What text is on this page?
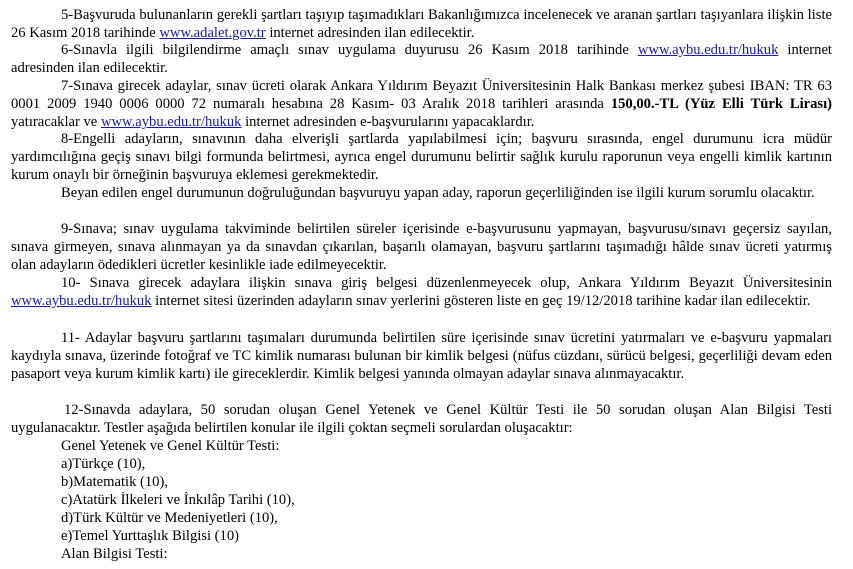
5-Başvuruda bulunanların gerekli şartları taşıyıp taşımadıkları Bakanlığımızca incelenecek ve aranan şartları taşıyanlara ilişkin liste 26 Kasım 2018 tarihinde www.adalet.gov.tr internet adresinden ilan edilecektir.

6-Sınavla ilgili bilgilendirme amaçlı sınav uygulama duyurusu 26 Kasım 2018 tarihinde www.aybu.edu.tr/hukuk internet adresinden ilan edilecektir.

7-Sınava girecek adaylar, sınav ücreti olarak Ankara Yıldırım Beyazıt Üniversitesinin Halk Bankası merkez şubesi IBAN: TR 63 0001 2009 1940 0006 0000 72 numaralı hesabına 28 Kasım- 03 Aralık 2018 tarihleri arasında 150,00.-TL (Yüz Elli Türk Lirası) yatıracaklar ve www.aybu.edu.tr/hukuk internet adresinden e-başvurularını yapacaklardır.

8-Engelli adayların, sınavının daha elverişli şartlarda yapılabilmesi için; başvuru sırasında, engel durumunu icra müdür yardımcılığına geçiş sınavı bilgi formunda belirtmesi, ayrıca engel durumunu belirtir sağlık kurulu raporunun veya engelli kimlik kartının kurum onaylı bir örneğinin başvuruya eklemesi gerekmektedir.

Beyan edilen engel durumunun doğruluğundan başvuruyu yapan aday, raporun geçerliliğinden ise ilgili kurum sorumlu olacaktır.

9-Sınava; sınav uygulama takviminde belirtilen süreler içerisinde e-başvurusunu yapmayan, başvurusu/sınavı geçersiz sayılan, sınava girmeyen, sınava alınmayan ya da sınavdan çıkarılan, başarılı olamayan, başvuru şartlarını taşımadığı hâlde sınav ücreti yatırmış olan adayların ödedikleri ücretler kesinlikle iade edilmeyecektir.

10- Sınava girecek adaylara ilişkin sınava giriş belgesi düzenlenmeyecek olup, Ankara Yıldırım Beyazıt Üniversitesinin www.aybu.edu.tr/hukuk internet sitesi üzerinden adayların sınav yerlerini gösteren liste en geç 19/12/2018 tarihine kadar ilan edilecektir.

11- Adaylar başvuru şartlarını taşımaları durumunda belirtilen süre içerisinde sınav ücretini yatırmaları ve e-başvuru yapmaları kaydıyla sınava, üzerinde fotoğraf ve TC kimlik numarası bulunan bir kimlik belgesi (nüfus cüzdanı, sürücü belgesi, geçerliliği devam eden pasaport veya kurum kimlik kartı) ile gireceklerdir. Kimlik belgesi yanında olmayan adaylar sınava alınmayacaktır.

12-Sınavda adaylara, 50 sorudan oluşan Genel Yetenek ve Genel Kültür Testi ile 50 sorudan oluşan Alan Bilgisi Testi uygulanacaktır. Testler aşağıda belirtilen konular ile ilgili çoktan seçmeli sorulardan oluşacaktır:

Genel Yetenek ve Genel Kültür Testi:
a)Türkçe (10),
b)Matematik (10),
c)Atatürk İlkeleri ve İnkılâp Tarihi (10),
d)Türk Kültür ve Medeniyetleri (10),
e)Temel Yurttaşlık Bilgisi (10)
Alan Bilgisi Testi:
